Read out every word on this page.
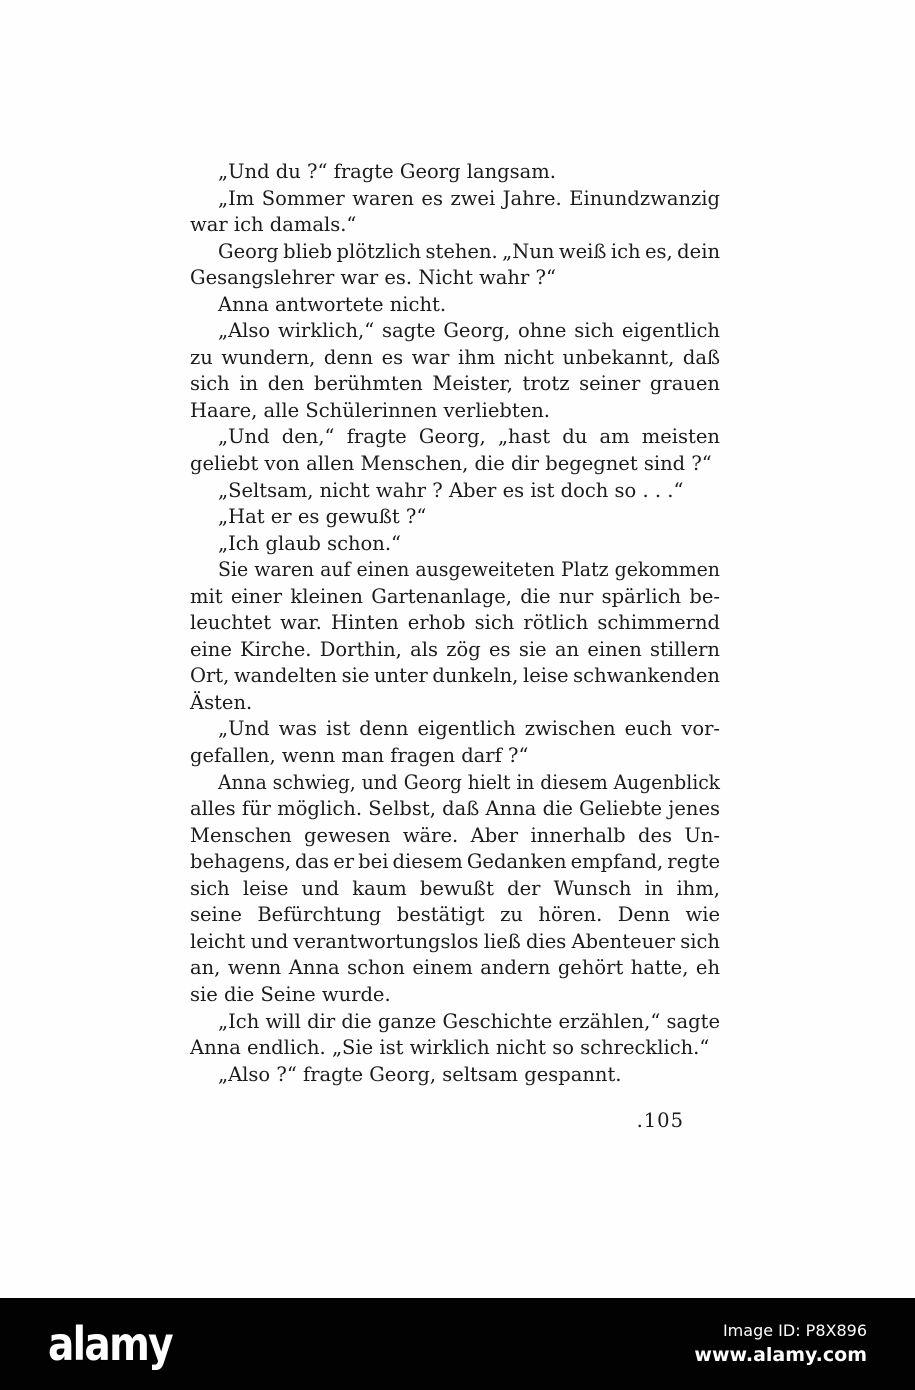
„Und du ?“ fragte Georg langsam.
„Im Sommer waren es zwei Jahre. Einundzwanzig
war ich damals.“
Georg blieb plötzlich stehen. „Nun weiß ich es, dein
Gesangslehrer war es. Nicht wahr ?“
Anna antwortete nicht.
„Also wirklich,“ sagte Georg, ohne sich eigentlich
zu wundern, denn es war ihm nicht unbekannt, daß
sich in den berühmten Meister, trotz seiner grauen
Haare, alle Schülerinnen verliebten.
„Und den,“ fragte Georg, „hast du am meisten
geliebt von allen Menschen, die dir begegnet sind ?“
„Seltsam, nicht wahr ? Aber es ist doch so . . .“
„Hat er es gewußt ?“
„Ich glaub schon.“
Sie waren auf einen ausgeweiteten Platz gekommen
mit einer kleinen Gartenanlage, die nur spärlich be-
leuchtet war. Hinten erhob sich rötlich schimmernd
eine Kirche. Dorthin, als zög es sie an einen stillern
Ort, wandelten sie unter dunkeln, leise schwankenden
Ästen.
„Und was ist denn eigentlich zwischen euch vor-
gefallen, wenn man fragen darf ?“
Anna schwieg, und Georg hielt in diesem Augenblick
alles für möglich. Selbst, daß Anna die Geliebte jenes
Menschen gewesen wäre. Aber innerhalb des Un-
behagens, das er bei diesem Gedanken empfand, regte
sich leise und kaum bewußt der Wunsch in ihm,
seine Befürchtung bestätigt zu hören. Denn wie
leicht und verantwortungslos ließ dies Abenteuer sich
an, wenn Anna schon einem andern gehört hatte, eh
sie die Seine wurde.
„Ich will dir die ganze Geschichte erzählen,“ sagte
Anna endlich. „Sie ist wirklich nicht so schrecklich.“
„Also ?“ fragte Georg, seltsam gespannt.
.105
alamy	Image ID: P8X896
www.alamy.com
